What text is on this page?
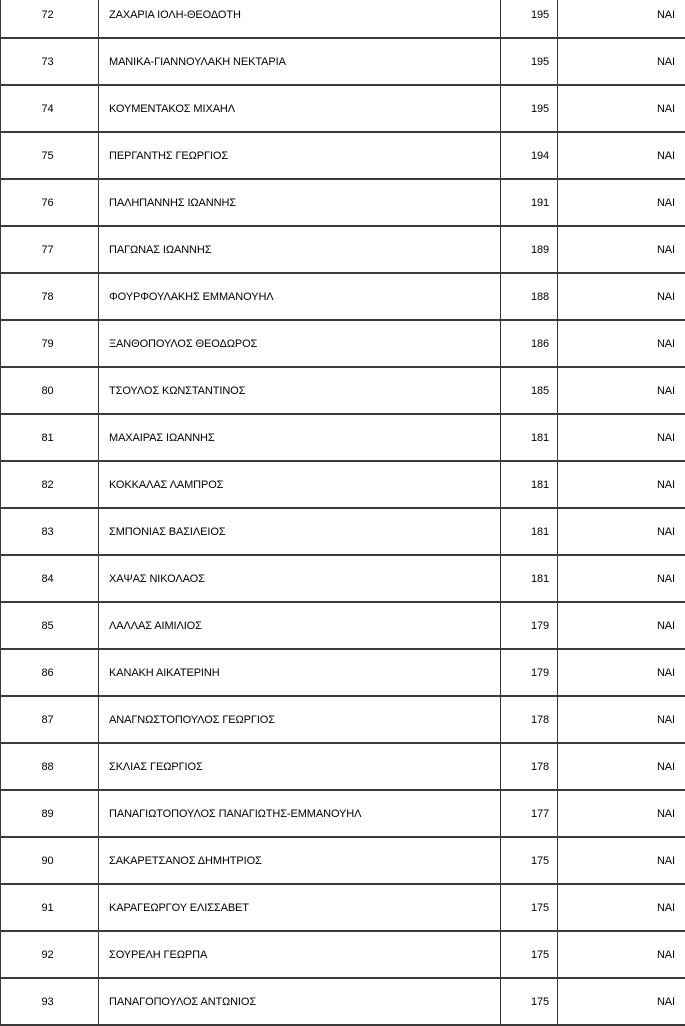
72	ΖΑΧΑΡΙΑ ΙΟΛΗ-ΘΕΟΔΟΤΗ	195	ΝΑΙ
73	ΜΑΝΙΚΑ-ΓΙΑΝΝΟΥΛΑΚΗ ΝΕΚΤΑΡΙΑ	195	ΝΑΙ
74	ΚΟΥΜΕΝΤΑΚΟΣ ΜΙΧΑΗΛ	195	ΝΑΙ
75	ΠΕΡΓΑΝΤΗΣ ΓΕΩΡΓΙΟΣ	194	ΝΑΙ
76	ΠΑΛΗΠΑΝΝΗΣ ΙΩΑΝΝΗΣ	191	ΝΑΙ
77	ΠΑΓΩΝΑΣ ΙΩΑΝΝΗΣ	189	ΝΑΙ
78	ΦΟΥΡΦΟΥΛΑΚΗΣ ΕΜΜΑΝΟΥΗΛ	188	ΝΑΙ
79	ΞΑΝΘΟΠΟΥΛΟΣ ΘΕΟΔΩΡΟΣ	186	ΝΑΙ
80	ΤΣΟΥΛΟΣ ΚΩΝΣΤΑΝΤΙΝΟΣ	185	ΝΑΙ
81	ΜΑΧΑΙΡΑΣ ΙΩΑΝΝΗΣ	181	ΝΑΙ
82	ΚΟΚΚΑΛΑΣ ΛΑΜΠΡΟΣ	181	ΝΑΙ
83	ΣΜΠΟΝΙΑΣ ΒΑΣΙΛΕΙΟΣ	181	ΝΑΙ
84	ΧΑΨΑΣ ΝΙΚΟΛΑΟΣ	181	ΝΑΙ
85	ΛΑΛΛΑΣ ΑΙΜΙΛΙΟΣ	179	ΝΑΙ
86	ΚΑΝΑΚΗ ΑΙΚΑΤΕΡΙΝΗ	179	ΝΑΙ
87	ΑΝΑΓΝΩΣΤΟΠΟΥΛΟΣ ΓΕΩΡΓΙΟΣ	178	ΝΑΙ
88	ΣΚΛΙΑΣ ΓΕΩΡΓΙΟΣ	178	ΝΑΙ
89	ΠΑΝΑΓΙΩΤΟΠΟΥΛΟΣ ΠΑΝΑΓΙΩΤΗΣ-ΕΜΜΑΝΟΥΗΛ	177	ΝΑΙ
90	ΣΑΚΑΡΕΤΣΑΝΟΣ ΔΗΜΗΤΡΙΟΣ	175	ΝΑΙ
91	ΚΑΡΑΓΕΩΡΓΟΥ ΕΛΙΣΣΑΒΕΤ	175	ΝΑΙ
92	ΣΟΥΡΕΛΗ ΓΕΩΡΠΑ	175	ΝΑΙ
93	ΠΑΝΑΓΟΠΟΥΛΟΣ ΑΝΤΩΝΙΟΣ	175	ΝΑΙ
